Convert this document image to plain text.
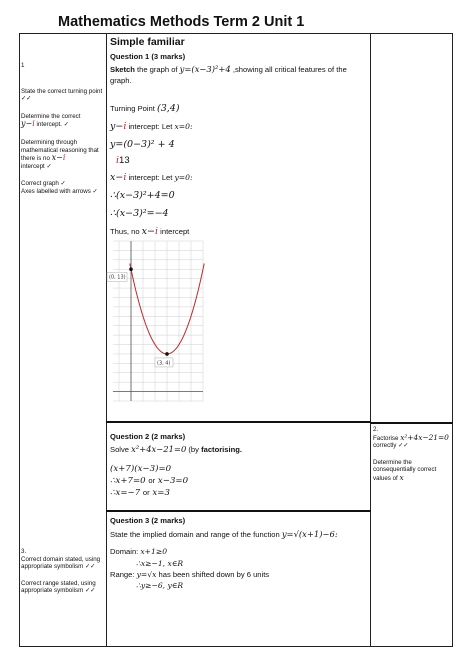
Mathematics Methods Term 2 Unit 1
1
State the correct turning point ✓✓
Determine the correct
y−i intercept. ✓
Determining through mathematical reasoning that there is no x−i
intercept ✓
Correct graph ✓
Axes labelled with arrows ✓
3.
Correct domain stated, using appropriate symbolism ✓✓
Correct range stated, using appropriate symbolism ✓✓
2.
Factorise x²+4x−21=0
correctly ✓✓
Determine the consequentially correct values of x
Simple familiar
Question 1 (3 marks)
Sketch the graph of y=(x−3)²+4 ,showing all critical features of the
graph.
Turning Point (3,4)
y−i intercept: Let x=0:
y=(0−3)² + 4
i13
x−i intercept: Let y=0:
∴(x−3)²+4=0
∴(x−3)²=−4
Thus, no x−i intercept
(0, 13)
(3, 4)
Question 2 (2 marks)
Solve x²+4x−21=0 (by factorising.
(x+7)(x−3)=0
∴x+7=0 or x−3=0
∴x=−7 or x=3
Question 3 (2 marks)
State the implied domain and range of the function y=√(x+1)−6:
Domain: x+1≥0
∴x≥−1, x∈R
Range: y=√x has been shifted down by 6 units
∴y≥−6, y∈R
